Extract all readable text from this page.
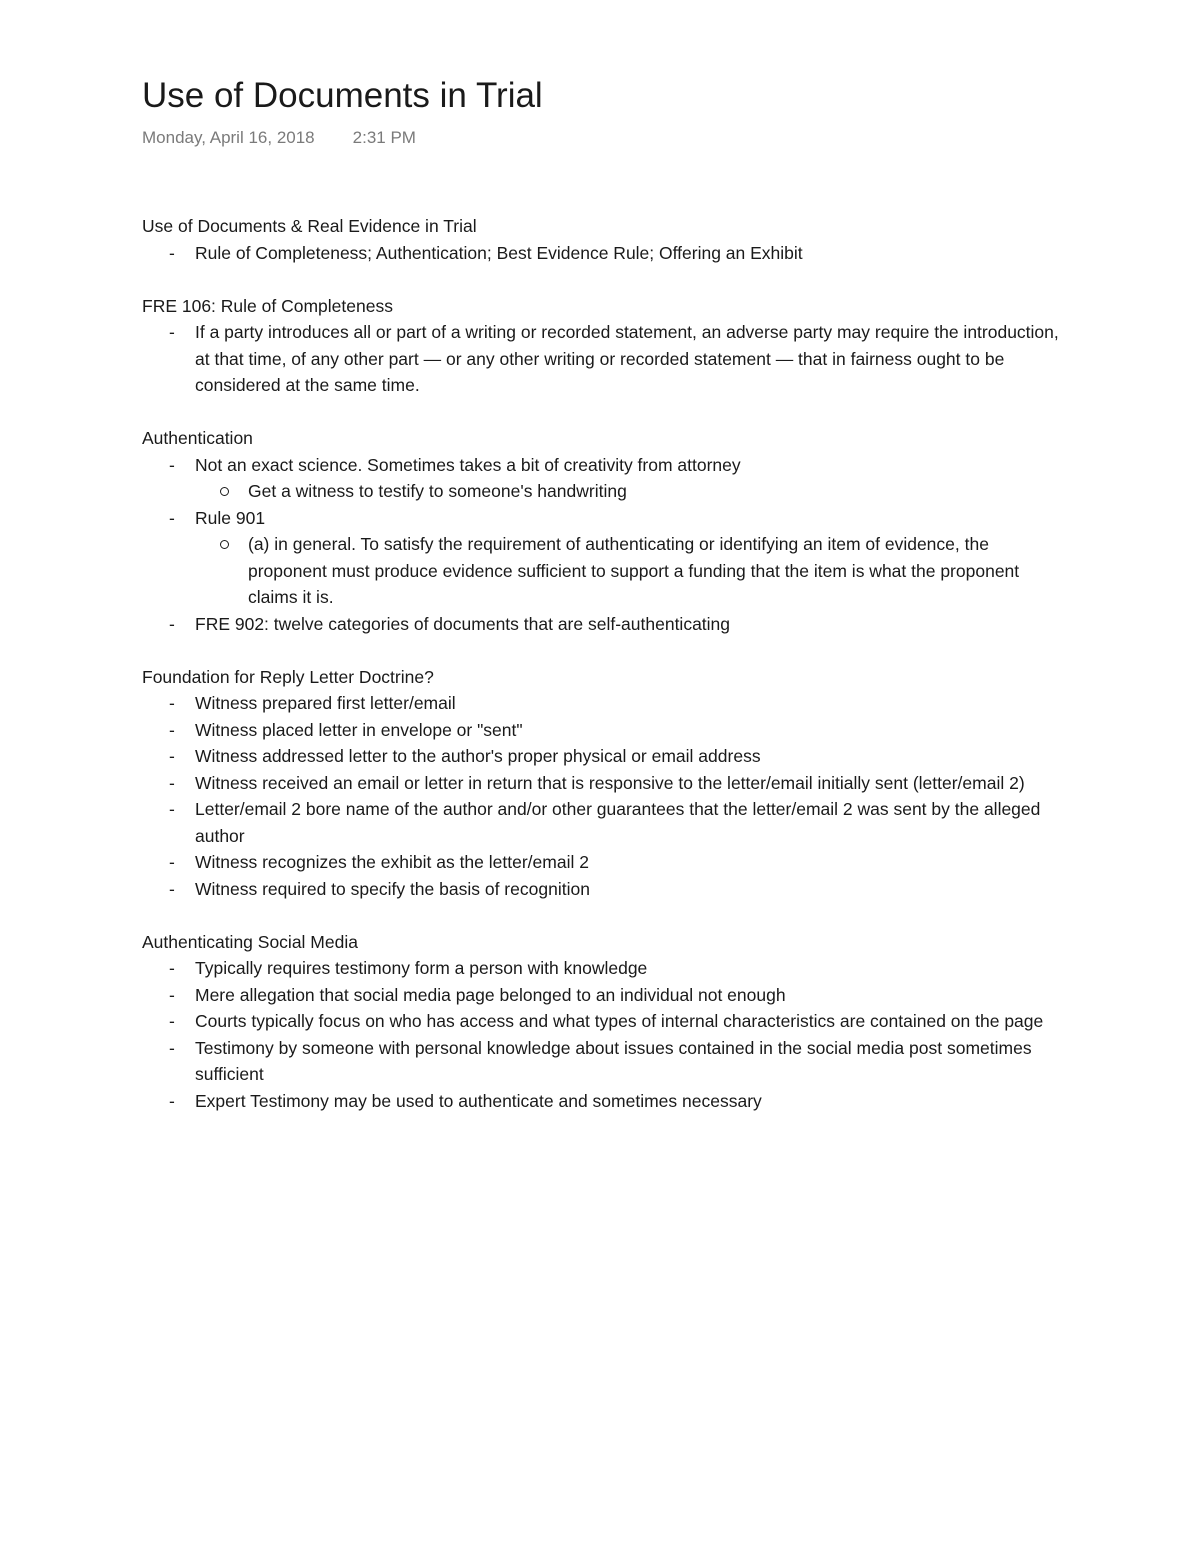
Use of Documents in Trial
Monday, April 16, 2018 2:31 PM
Use of Documents & Real Evidence in Trial
- Rule of Completeness; Authentication; Best Evidence Rule; Offering an Exhibit
FRE 106: Rule of Completeness
- If a party introduces all or part of a writing or recorded statement, an adverse party may require the introduction, at that time, of any other part — or any other writing or recorded statement — that in fairness ought to be considered at the same time.
Authentication
- Not an exact science. Sometimes takes a bit of creativity from attorney
Get a witness to testify to someone's handwriting
- Rule 901
(a) in general. To satisfy the requirement of authenticating or identifying an item of evidence, the proponent must produce evidence sufficient to support a funding that the item is what the proponent claims it is.
- FRE 902: twelve categories of documents that are self-authenticating
Foundation for Reply Letter Doctrine?
- Witness prepared first letter/email
- Witness placed letter in envelope or "sent"
- Witness addressed letter to the author's proper physical or email address
- Witness received an email or letter in return that is responsive to the letter/email initially sent (letter/email 2)
- Letter/email 2 bore name of the author and/or other guarantees that the letter/email 2 was sent by the alleged author
- Witness recognizes the exhibit as the letter/email 2
- Witness required to specify the basis of recognition
Authenticating Social Media
- Typically requires testimony form a person with knowledge
- Mere allegation that social media page belonged to an individual not enough
- Courts typically focus on who has access and what types of internal characteristics are contained on the page
- Testimony by someone with personal knowledge about issues contained in the social media post sometimes sufficient
- Expert Testimony may be used to authenticate and sometimes necessary
